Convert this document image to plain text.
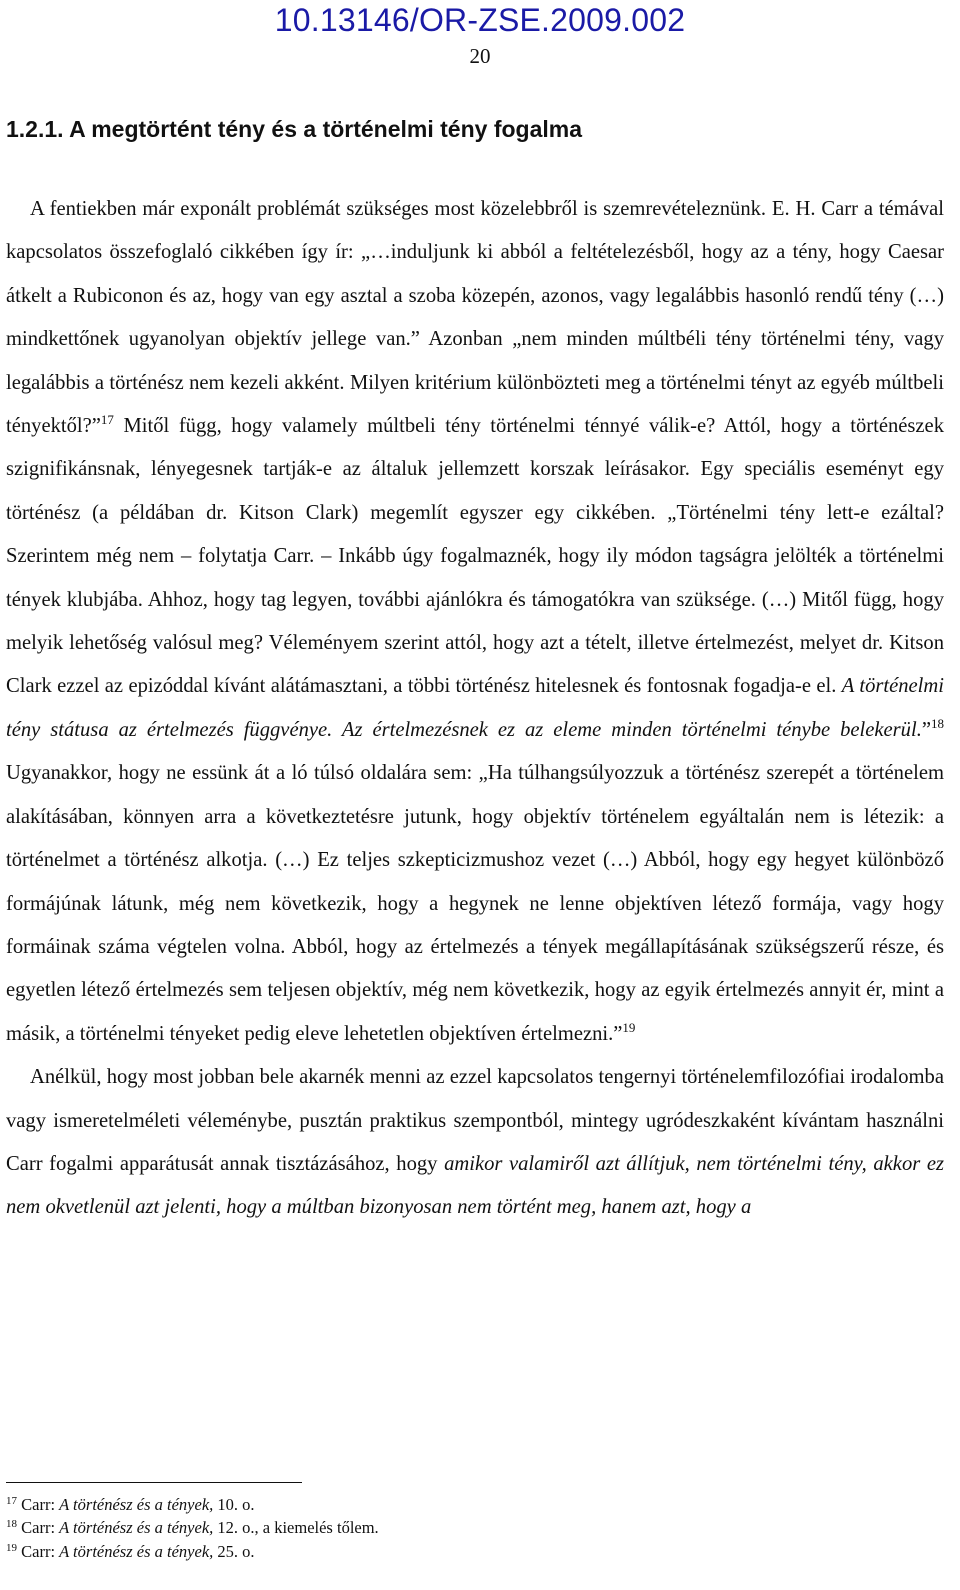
10.13146/OR-ZSE.2009.002
20
1.2.1. A megtörtént tény és a történelmi tény fogalma

A fentiekben már exponált problémát szükséges most közelebbről is szemrevételeznünk. E. H. Carr a témával kapcsolatos összefoglaló cikkében így ír: „…induljunk ki abból a feltételezésből, hogy az a tény, hogy Caesar átkelt a Rubiconon és az, hogy van egy asztal a szoba közepén, azonos, vagy legalábbis hasonló rendű tény (…) mindkettőnek ugyanolyan objektív jellege van.” Azonban „nem minden múltbéli tény történelmi tény, vagy legalábbis a történész nem kezeli akként. Milyen kritérium különbözteti meg a történelmi tényt az egyéb múltbeli tényektől?”$^{17}$ Mitől függ, hogy valamely múltbeli tény történelmi ténnyé válik-e? Attól, hogy a történészek szignifikánsnak, lényegesnek tartják-e az általuk jellemzett korszak leírásakor. Egy speciális eseményt egy történész (a példában dr. Kitson Clark) megemlít egyszer egy cikkében. „Történelmi tény lett-e ezáltal? Szerintem még nem – folytatja Carr. – Inkább úgy fogalmaznék, hogy ily módon tagságra jelölték a történelmi tények klubjába. Ahhoz, hogy tag legyen, további ajánlókra és támogatókra van szüksége. (…) Mitől függ, hogy melyik lehetőség valósul meg? Véleményem szerint attól, hogy azt a tételt, illetve értelmezést, melyet dr. Kitson Clark ezzel az epizóddal kívánt alátámasztani, a többi történész hitelesnek és fontosnak fogadja-e el. A történelmi tény státusa az értelmezés függvénye. Az értelmezésnek ez az eleme minden történelmi ténybe belekerül.”$^{18}$ Ugyanakkor, hogy ne essünk át a ló túlsó oldalára sem: „Ha túlhangsúlyozzuk a történész szerepét a történelem alakításában, könnyen arra a következtetésre jutunk, hogy objektív történelem egyáltalán nem is létezik: a történelmet a történész alkotja. (…) Ez teljes szkepticizmushoz vezet (…) Abból, hogy egy hegyet különböző formájúnak látunk, még nem következik, hogy a hegynek ne lenne objektíven létező formája, vagy hogy formáinak száma végtelen volna. Abból, hogy az értelmezés a tények megállapításának szükségszerű része, és egyetlen létező értelmezés sem teljesen objektív, még nem következik, hogy az egyik értelmezés annyit ér, mint a másik, a történelmi tényeket pedig eleve lehetetlen objektíven értelmezni.”$^{19}$

Anélkül, hogy most jobban bele akarnék menni az ezzel kapcsolatos tengernyi történelemfilozófiai irodalomba vagy ismeretelméleti véleménybe, pusztán praktikus szempontból, mintegy ugródeszkaként kívántam használni Carr fogalmi apparátusát annak tisztázásához, hogy amikor valamiről azt állítjuk, nem történelmi tény, akkor ez nem okvetlenül azt jelenti, hogy a múltban bizonyosan nem történt meg, hanem azt, hogy a

$^{17}$ Carr: A történész és a tények, 10. o.
$^{18}$ Carr: A történész és a tények, 12. o., a kiemelés tőlem.
$^{19}$ Carr: A történész és a tények, 25. o.
